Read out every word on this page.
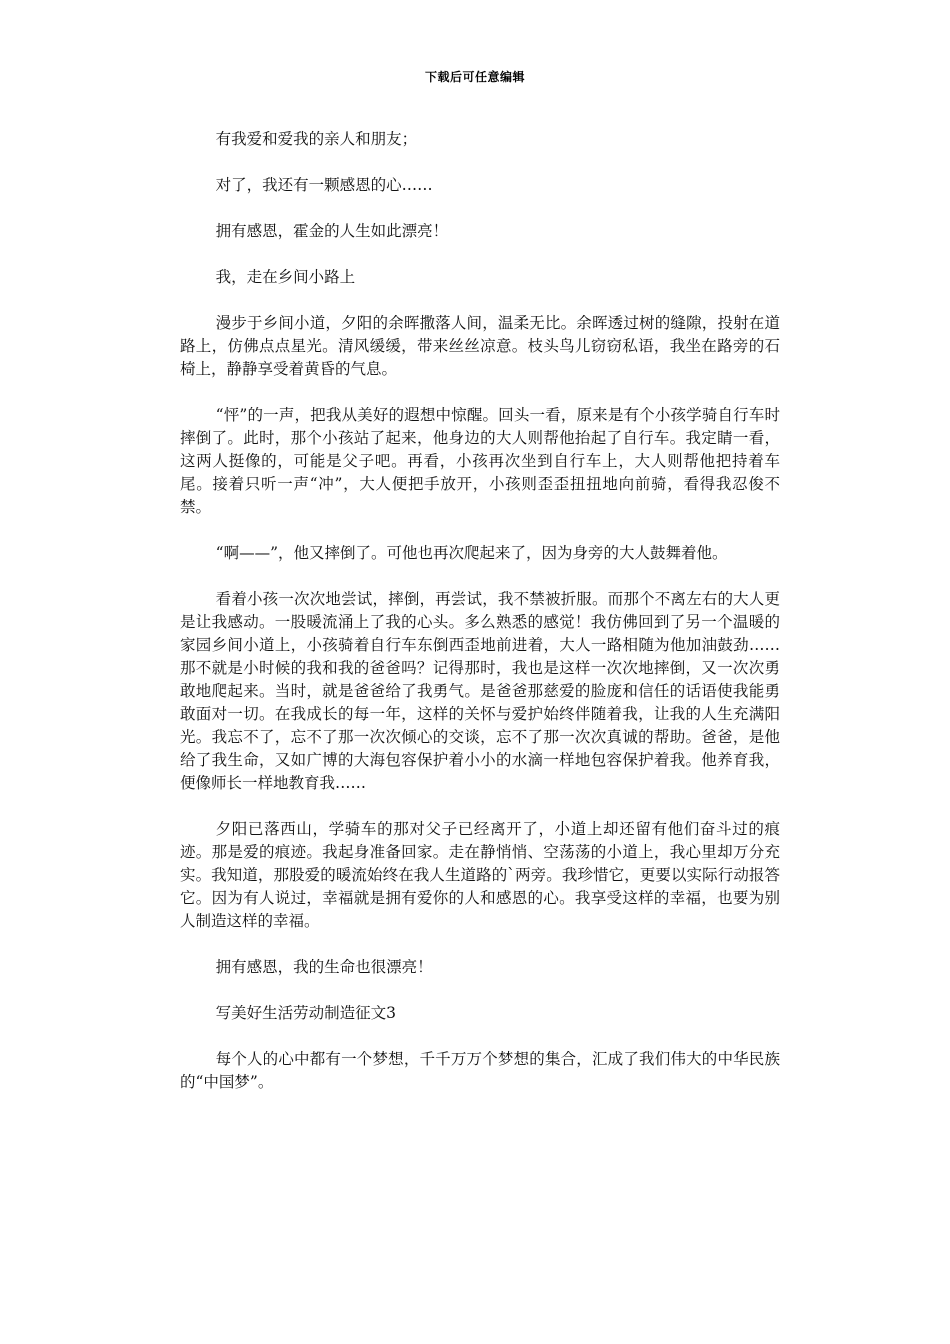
下载后可任意编辑

有我爱和爱我的亲人和朋友；

对了，我还有一颗感恩的心……

拥有感恩，霍金的人生如此漂亮！

我，走在乡间小路上

漫步于乡间小道，夕阳的余晖撒落人间，温柔无比。余晖透过树的缝隙，投射在道路上，仿佛点点星光。清风缓缓，带来丝丝凉意。枝头鸟儿窃窃私语，我坐在路旁的石椅上，静静享受着黄昏的气息。

“怦”的一声，把我从美好的遐想中惊醒。回头一看，原来是有个小孩学骑自行车时摔倒了。此时，那个小孩站了起来，他身边的大人则帮他抬起了自行车。我定睛一看，这两人挺像的，可能是父子吧。再看，小孩再次坐到自行车上，大人则帮他把持着车尾。接着只听一声“冲”，大人便把手放开，小孩则歪歪扭扭地向前骑，看得我忍俊不禁。

“啊——”，他又摔倒了。可他也再次爬起来了，因为身旁的大人鼓舞着他。

看着小孩一次次地尝试，摔倒，再尝试，我不禁被折服。而那个不离左右的大人更是让我感动。一股暖流涌上了我的心头。多么熟悉的感觉！我仿佛回到了另一个温暖的家园乡间小道上，小孩骑着自行车东倒西歪地前进着，大人一路相随为他加油鼓劲……那不就是小时候的我和我的爸爸吗？记得那时，我也是这样一次次地摔倒，又一次次勇敢地爬起来。当时，就是爸爸给了我勇气。是爸爸那慈爱的脸庞和信任的话语使我能勇敢面对一切。在我成长的每一年，这样的关怀与爱护始终伴随着我，让我的人生充满阳光。我忘不了，忘不了那一次次倾心的交谈，忘不了那一次次真诚的帮助。爸爸，是他给了我生命，又如广博的大海包容保护着小小的水滴一样地包容保护着我。他养育我，便像师长一样地教育我……

夕阳已落西山，学骑车的那对父子已经离开了，小道上却还留有他们奋斗过的痕迹。那是爱的痕迹。我起身准备回家。走在静悄悄、空荡荡的小道上，我心里却万分充实。我知道，那股爱的暖流始终在我人生道路的`两旁。我珍惜它，更要以实际行动报答它。因为有人说过，幸福就是拥有爱你的人和感恩的心。我享受这样的幸福，也要为别人制造这样的幸福。

拥有感恩，我的生命也很漂亮！

写美好生活劳动制造征文3

每个人的心中都有一个梦想，千千万万个梦想的集合，汇成了我们伟大的中华民族的“中国梦”。
